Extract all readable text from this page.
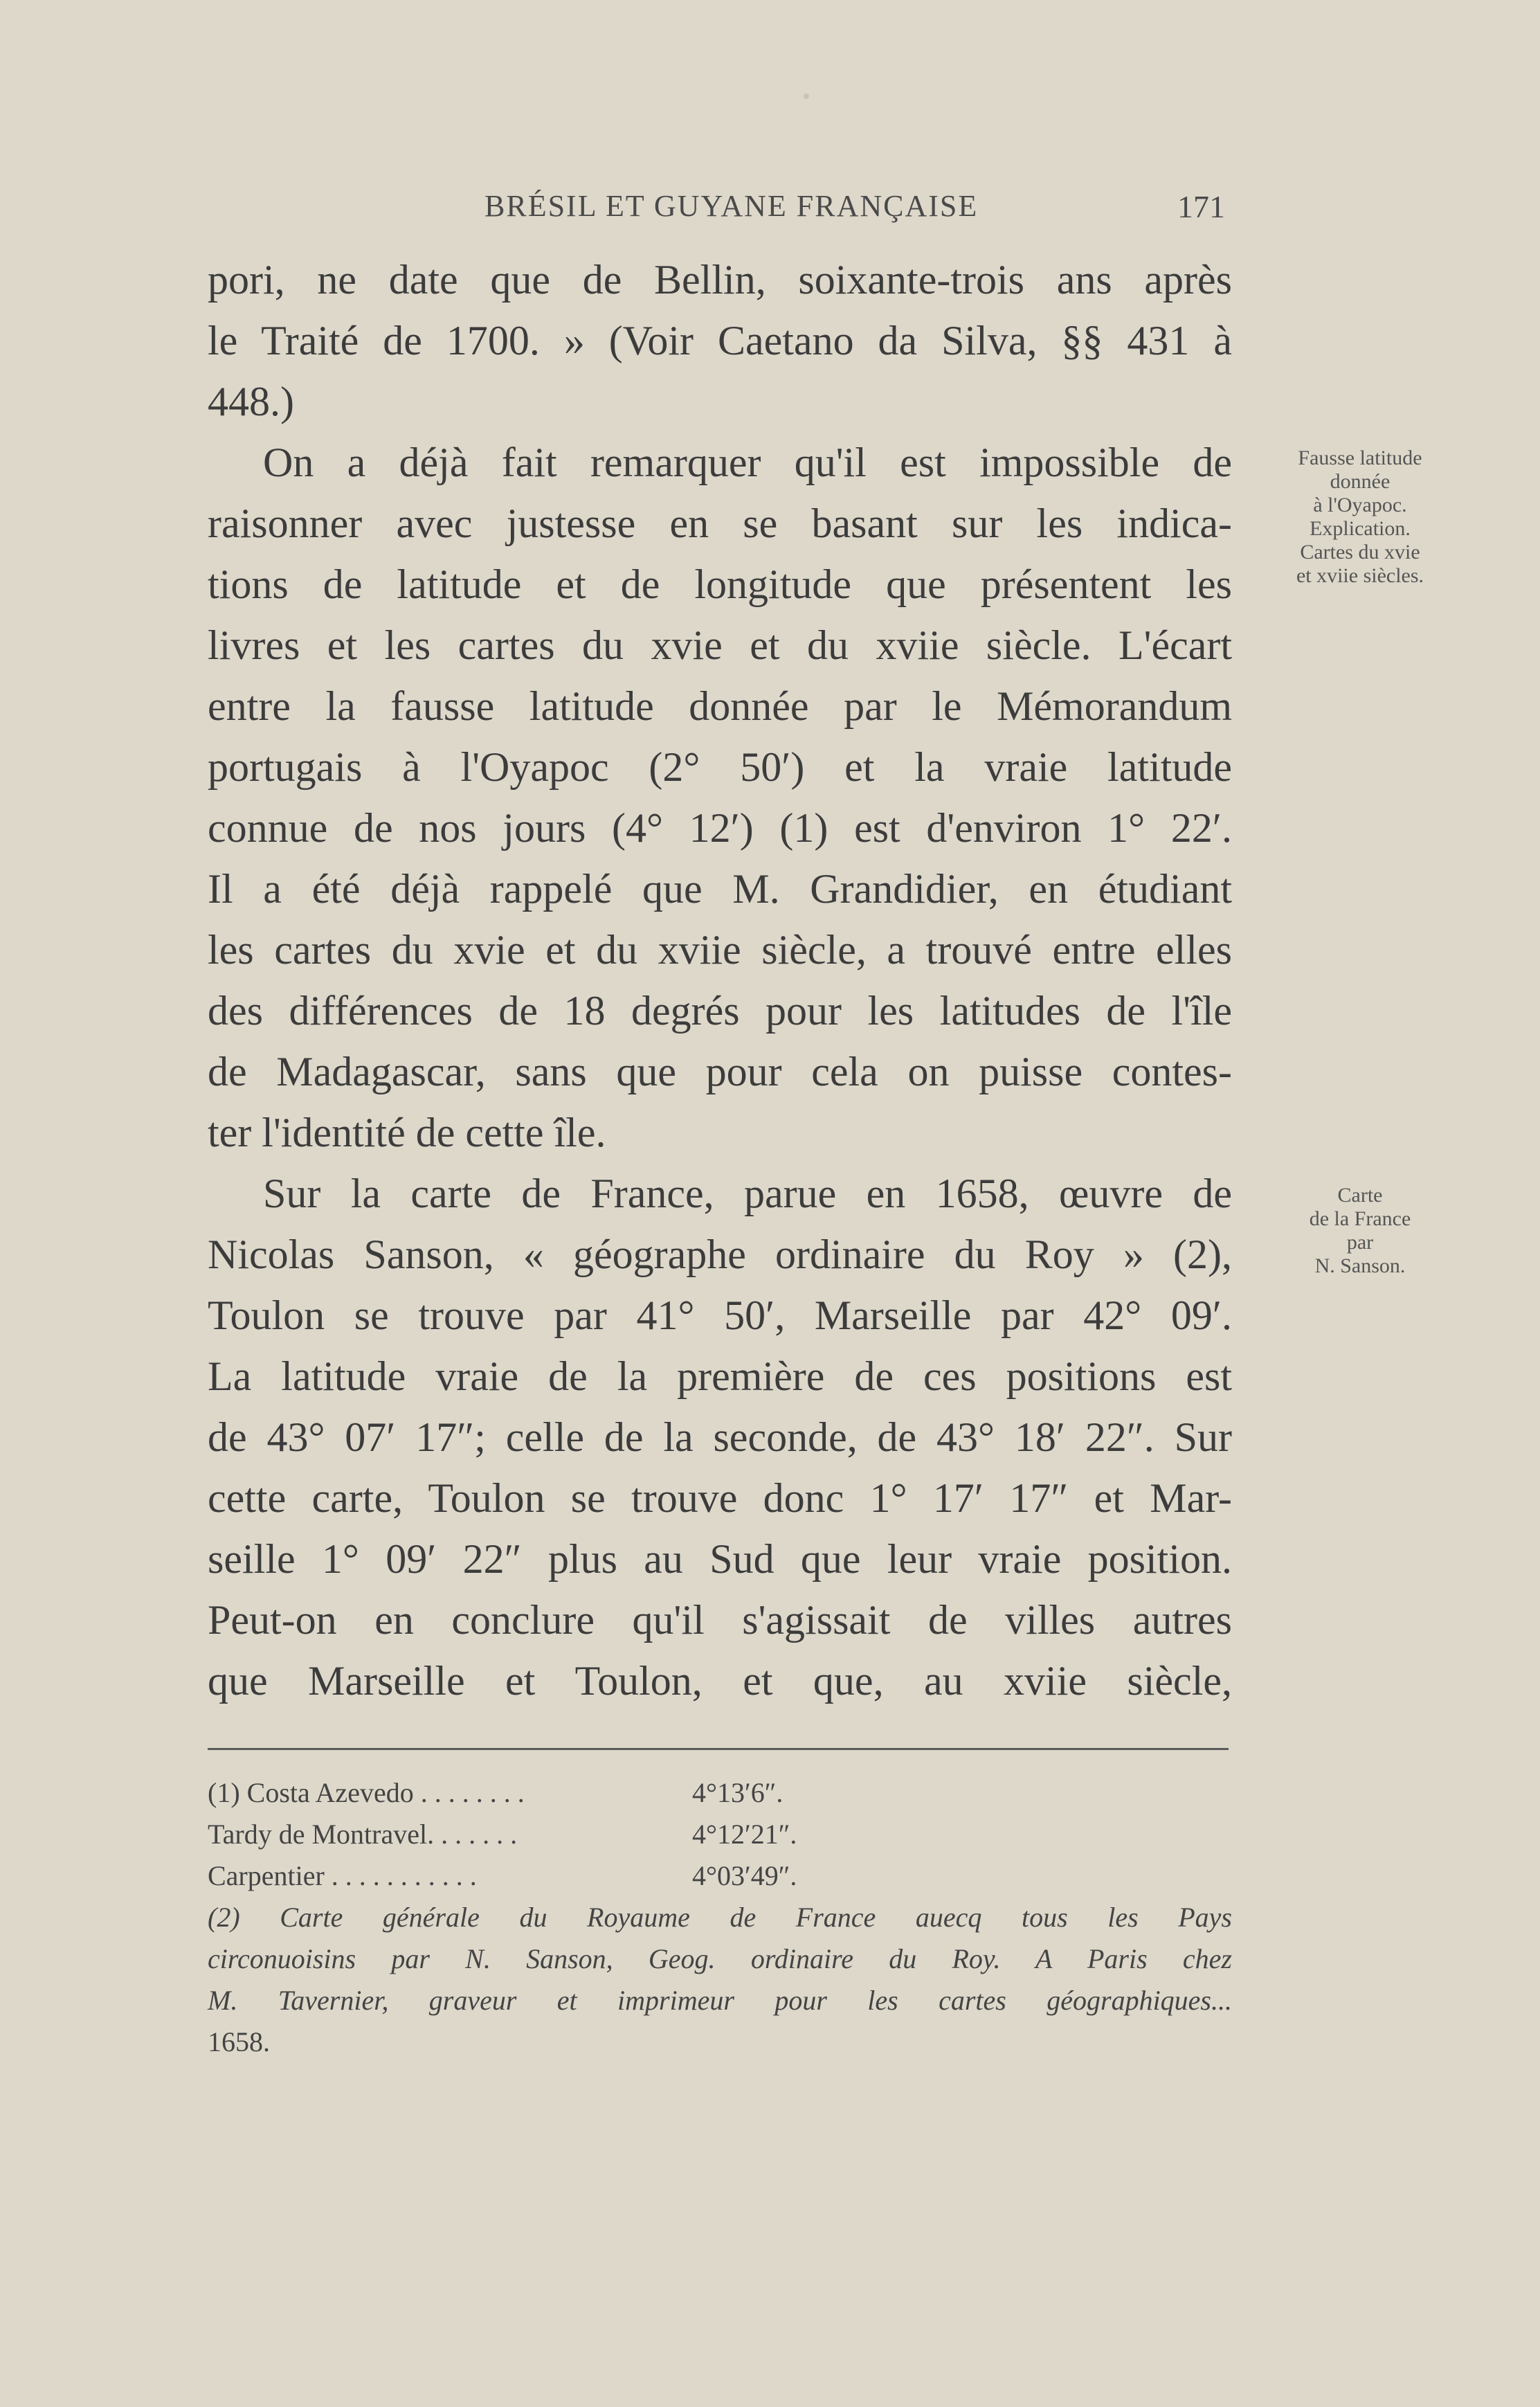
BRÉSIL ET GUYANE FRANÇAISE	171
pori, ne date que de Bellin, soixante-trois ans après
le Traité de 1700. » (Voir Caetano da Silva, §§ 431 à
448.)
On a déjà fait remarquer qu'il est impossible de
raisonner avec justesse en se basant sur les indica-
tions de latitude et de longitude que présentent les
livres et les cartes du xvie et du xviie siècle. L'écart
entre la fausse latitude donnée par le Mémorandum
portugais à l'Oyapoc (2° 50′) et la vraie latitude
connue de nos jours (4° 12′) (1) est d'environ 1° 22′.
Il a été déjà rappelé que M. Grandidier, en étudiant
les cartes du xvie et du xviie siècle, a trouvé entre elles
des différences de 18 degrés pour les latitudes de l'île
de Madagascar, sans que pour cela on puisse contes-
ter l'identité de cette île.
Sur la carte de France, parue en 1658, œuvre de
Nicolas Sanson, « géographe ordinaire du Roy » (2),
Toulon se trouve par 41° 50′, Marseille par 42° 09′.
La latitude vraie de la première de ces positions est
de 43° 07′ 17″; celle de la seconde, de 43° 18′ 22″. Sur
cette carte, Toulon se trouve donc 1° 17′ 17″ et Mar-
seille 1° 09′ 22″ plus au Sud que leur vraie position.
Peut-on en conclure qu'il s'agissait de villes autres
que Marseille et Toulon, et que, au xviie siècle,
Fausse latitude
donnée
à l'Oyapoc.
Explication.
Cartes du xvie
et xviie siècles.
Carte
de la France
par
N. Sanson.
(1) Costa Azevedo . . . . . . . .	4°13′6″.
Tardy de Montravel. . . . . . .	4°12′21″.
Carpentier . . . . . . . . . . .	4°03′49″.
(2) Carte générale du Royaume de France auecq tous les Pays
circonuoisins par N. Sanson, Geog. ordinaire du Roy. A Paris chez
M. Tavernier, graveur et imprimeur pour les cartes géographiques...
1658.
